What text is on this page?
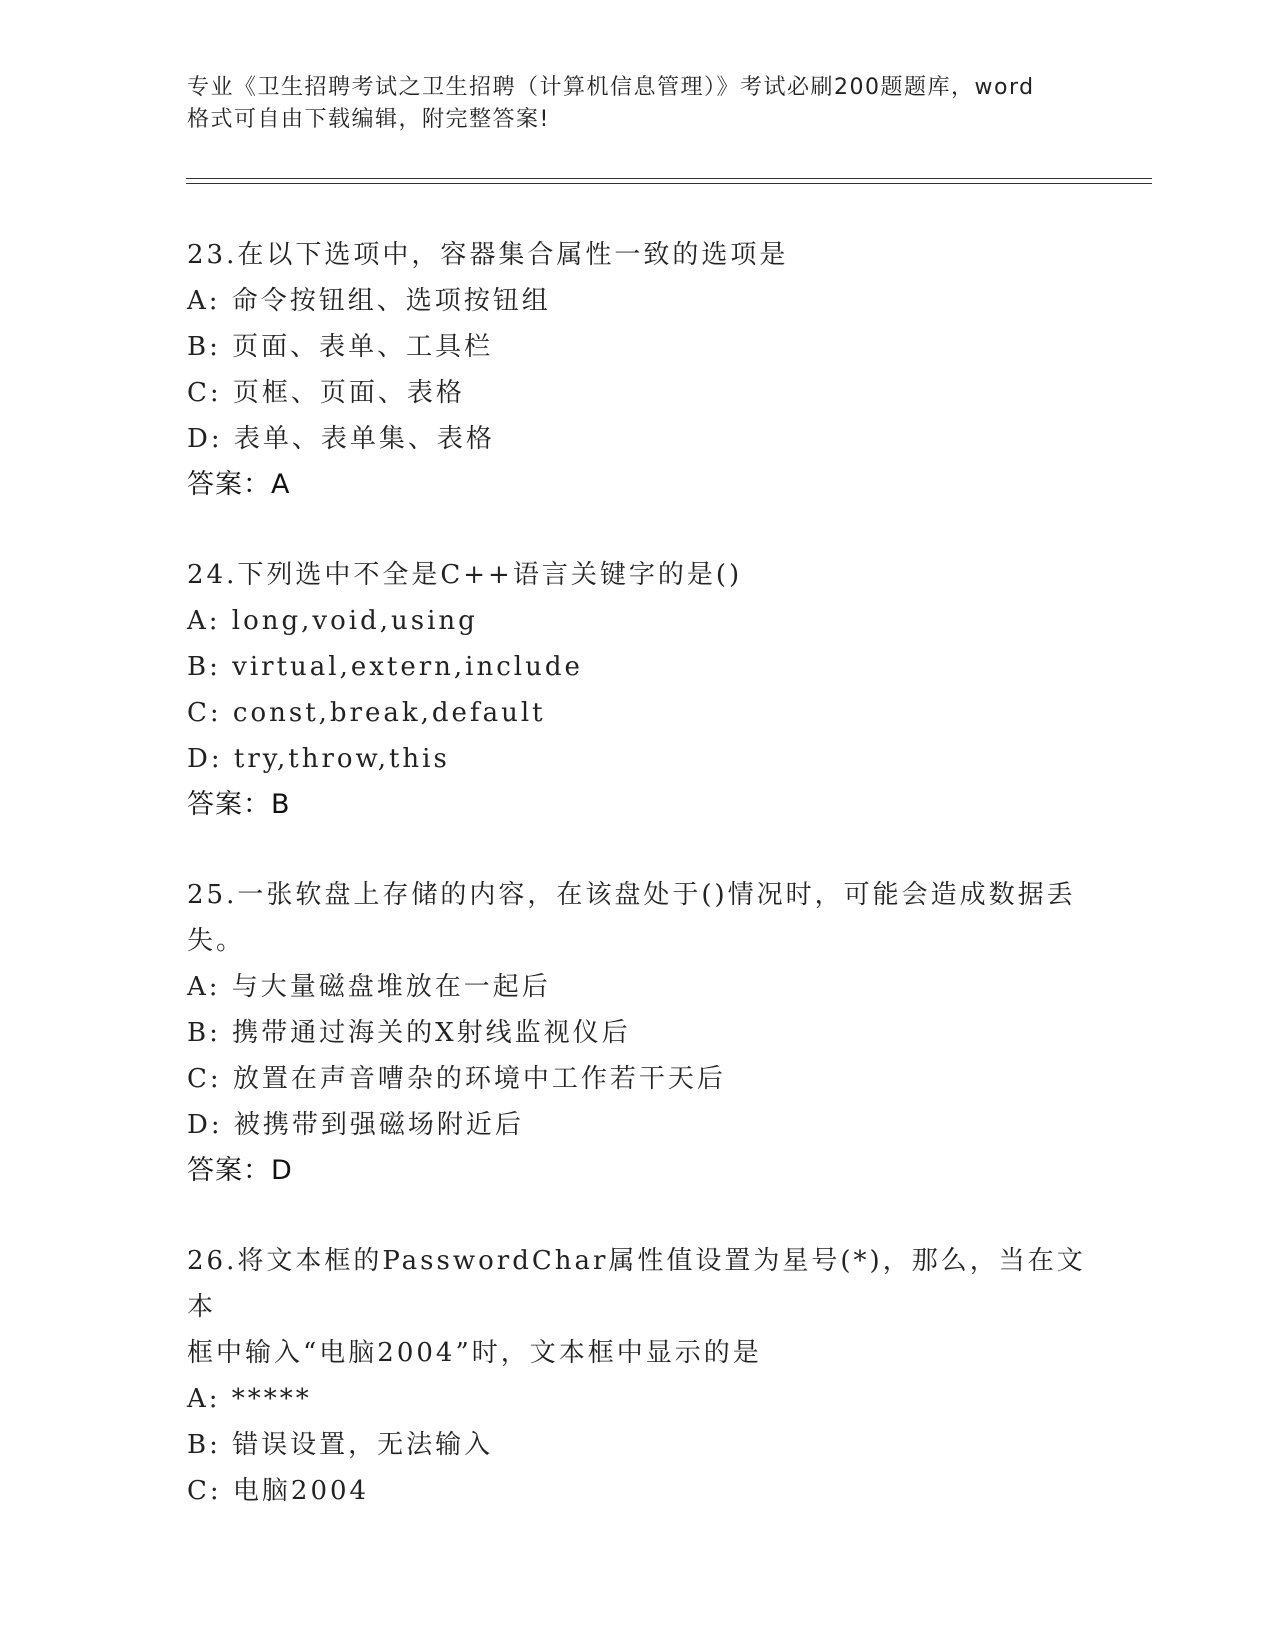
专业《卫生招聘考试之卫生招聘（计算机信息管理）》考试必刷200题题库，word
格式可自由下载编辑，附完整答案!
23.在以下选项中，容器集合属性一致的选项是
A: 命令按钮组、选项按钮组
B: 页面、表单、工具栏
C: 页框、页面、表格
D: 表单、表单集、表格
答案：A
24.下列选中不全是C++语言关键字的是()
A: long,void,using
B: virtual,extern,include
C: const,break,default
D: try,throw,this
答案：B
25.一张软盘上存储的内容，在该盘处于()情况时，可能会造成数据丢
失。
A: 与大量磁盘堆放在一起后
B: 携带通过海关的X射线监视仪后
C: 放置在声音嘈杂的环境中工作若干天后
D: 被携带到强磁场附近后
答案：D
26.将文本框的PasswordChar属性值设置为星号(*)，那么，当在文本
框中输入“电脑2004”时，文本框中显示的是
A: *****
B: 错误设置，无法输入
C: 电脑2004
